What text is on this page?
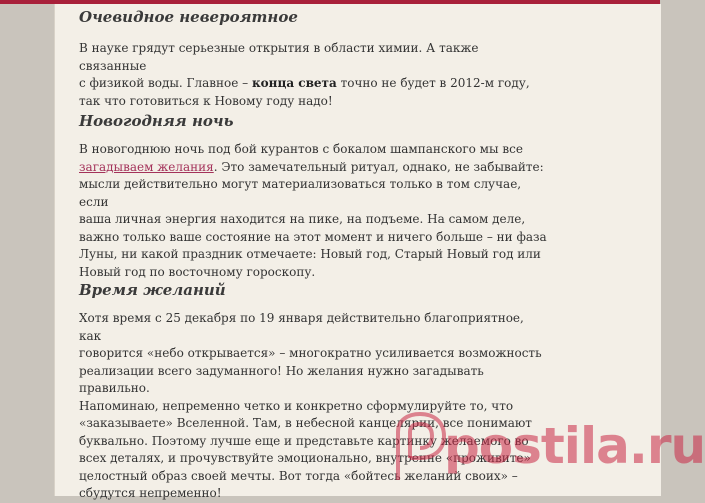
Очевидное невероятное

В науке грядут серьезные открытия в области химии. А также связанные
с физикой воды. Главное – конца света точно не будет в 2012-м году,
так что готовиться к Новому году надо!

Новогодняя ночь

В новогоднюю ночь под бой курантов с бокалом шампанского мы все
загадываем желания. Это замечательный ритуал, однако, не забывайте:
мысли действительно могут материализоваться только в том случае, если
ваша личная энергия находится на пике, на подъеме. На самом деле,
важно только ваше состояние на этот момент и ничего больше – ни фаза
Луны, ни какой праздник отмечаете: Новый год, Старый Новый год или
Новый год по восточному гороскопу.

Время желаний

Хотя время с 25 декабря по 19 января действительно благоприятное, как
говорится «небо открывается» – многократно усиливается возможность
реализации всего задуманного! Но желания нужно загадывать правильно.
Напоминаю, непременно четко и конкретно сформулируйте то, что
«заказываете» Вселенной. Там, в небесной канцелярии, все понимают
буквально. Поэтому лучше еще и представьте картинку желаемого во
всех деталях, и прочувствуйте эмоционально, внутренне «проживите»
целостный образ своей мечты. Вот тогда «бойтесь желаний своих» –
сбудутся непременно!

postila.ru
